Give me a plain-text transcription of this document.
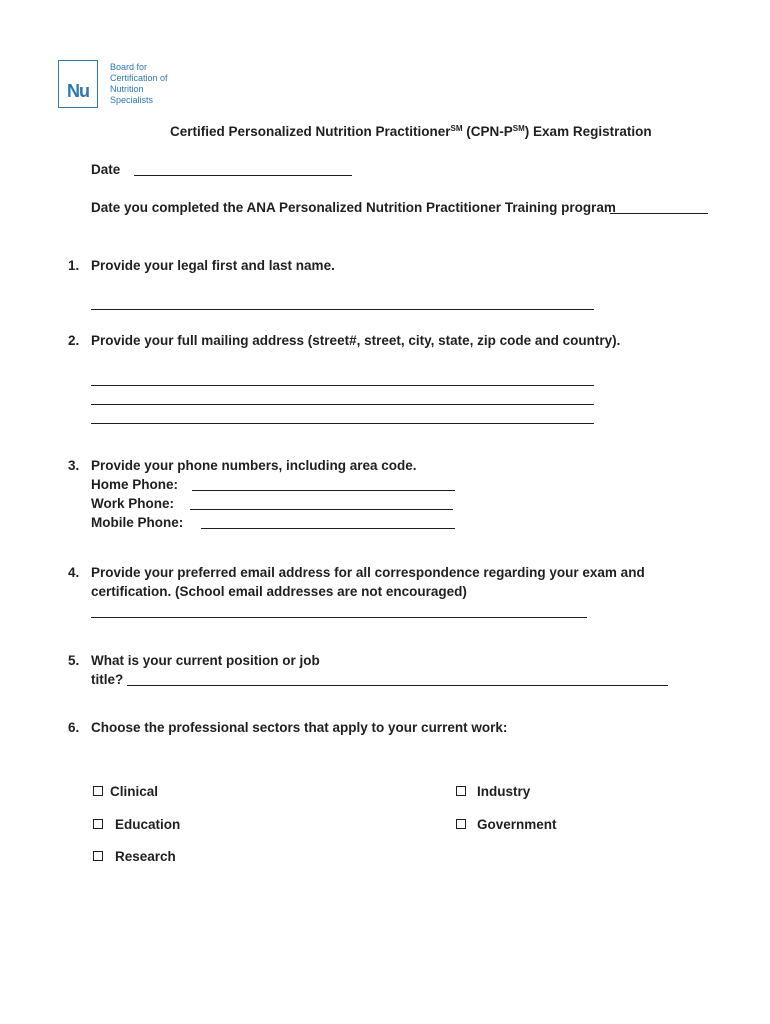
Nu
Board for
Certification of
Nutrition
Specialists
Certified Personalized Nutrition Practitioner℠ (CPN-P℠) Exam Registration
Date
Date you completed the ANA Personalized Nutrition Practitioner Training program
1. Provide your legal first and last name.
2. Provide your full mailing address (street#, street, city, state, zip code and country).
3. Provide your phone numbers, including area code.
Home Phone:
Work Phone:
Mobile Phone:
4. Provide your preferred email address for all correspondence regarding your exam and
certification. (School email addresses are not encouraged)
5. What is your current position or job
title?
6. Choose the professional sectors that apply to your current work:
Clinical	Industry
Education	Government
Research
